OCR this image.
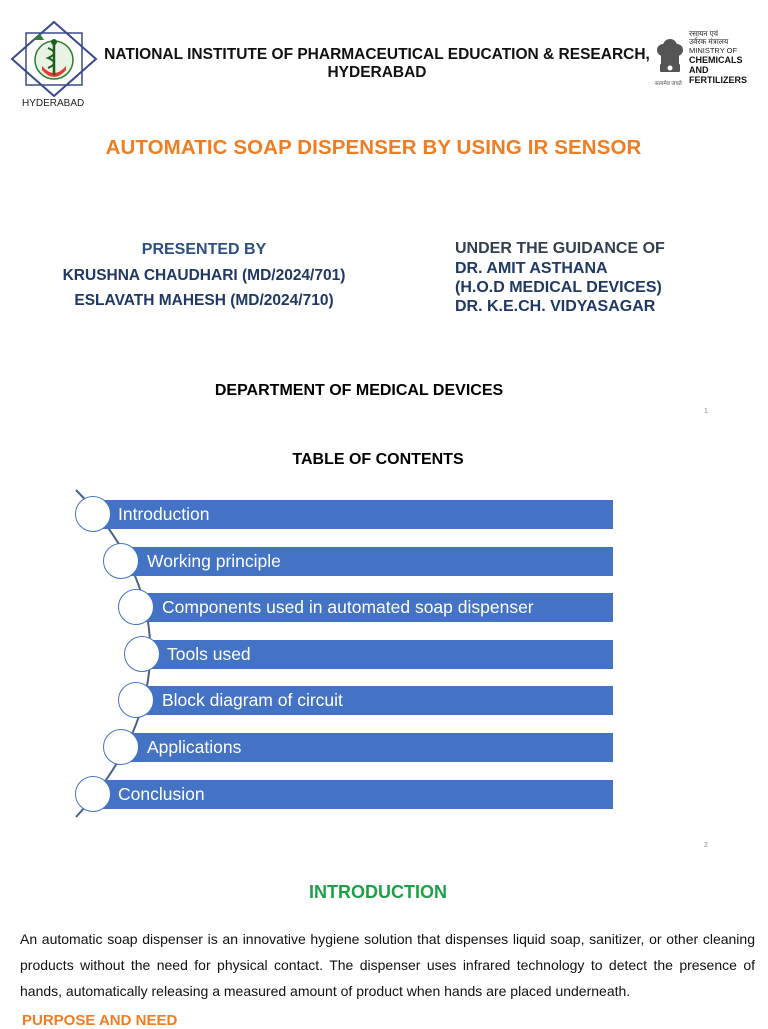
HYDERABAD
NATIONAL INSTITUTE OF PHARMACEUTICAL EDUCATION & RESEARCH,
HYDERABAD
रसायन एवं
उर्वरक मंत्रालय
MINISTRY OF
CHEMICALS
AND FERTILIZERS
सत्यमेव जयते
AUTOMATIC SOAP DISPENSER BY USING IR SENSOR
PRESENTED BY
KRUSHNA CHAUDHARI (MD/2024/701)
ESLAVATH MAHESH (MD/2024/710)
UNDER THE GUIDANCE OF
DR. AMIT ASTHANA
(H.O.D MEDICAL DEVICES)
DR. K.E.CH. VIDYASAGAR
DEPARTMENT OF MEDICAL DEVICES
1
TABLE OF CONTENTS
Introduction
Working principle
Components used in automated soap dispenser
Tools used
Block diagram of circuit
Applications
Conclusion
2
INTRODUCTION
An automatic soap dispenser is an innovative hygiene solution that dispenses liquid soap, sanitizer, or other cleaning products without the need for physical contact. The dispenser uses infrared technology to detect the presence of hands, automatically releasing a measured amount of product when hands are placed underneath.
PURPOSE AND NEED
